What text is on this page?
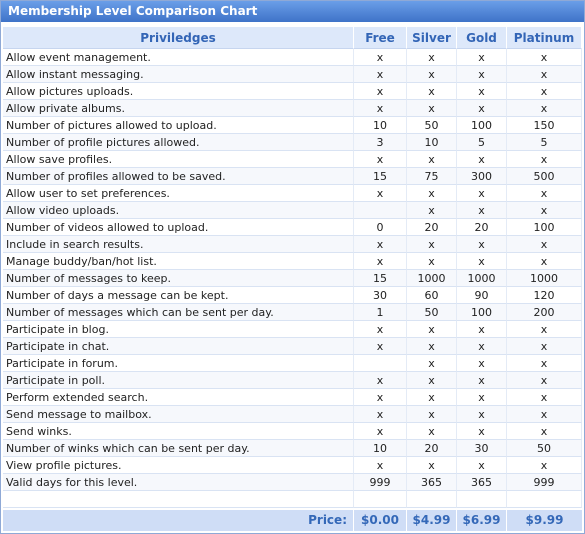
Membership Level Comparison Chart
Priviledges	Free	Silver	Gold	Platinum
Allow event management.	x	x	x	x
Allow instant messaging.	x	x	x	x
Allow pictures uploads.	x	x	x	x
Allow private albums.	x	x	x	x
Number of pictures allowed to upload.	10	50	100	150
Number of profile pictures allowed.	3	10	5	5
Allow save profiles.	x	x	x	x
Number of profiles allowed to be saved.	15	75	300	500
Allow user to set preferences.	x	x	x	x
Allow video uploads.		x	x	x
Number of videos allowed to upload.	0	20	20	100
Include in search results.	x	x	x	x
Manage buddy/ban/hot list.	x	x	x	x
Number of messages to keep.	15	1000	1000	1000
Number of days a message can be kept.	30	60	90	120
Number of messages which can be sent per day.	1	50	100	200
Participate in blog.	x	x	x	x
Participate in chat.	x	x	x	x
Participate in forum.		x	x	x
Participate in poll.	x	x	x	x
Perform extended search.	x	x	x	x
Send message to mailbox.	x	x	x	x
Send winks.	x	x	x	x
Number of winks which can be sent per day.	10	20	30	50
View profile pictures.	x	x	x	x
Valid days for this level.	999	365	365	999

Price:	$0.00	$4.99	$6.99	$9.99
